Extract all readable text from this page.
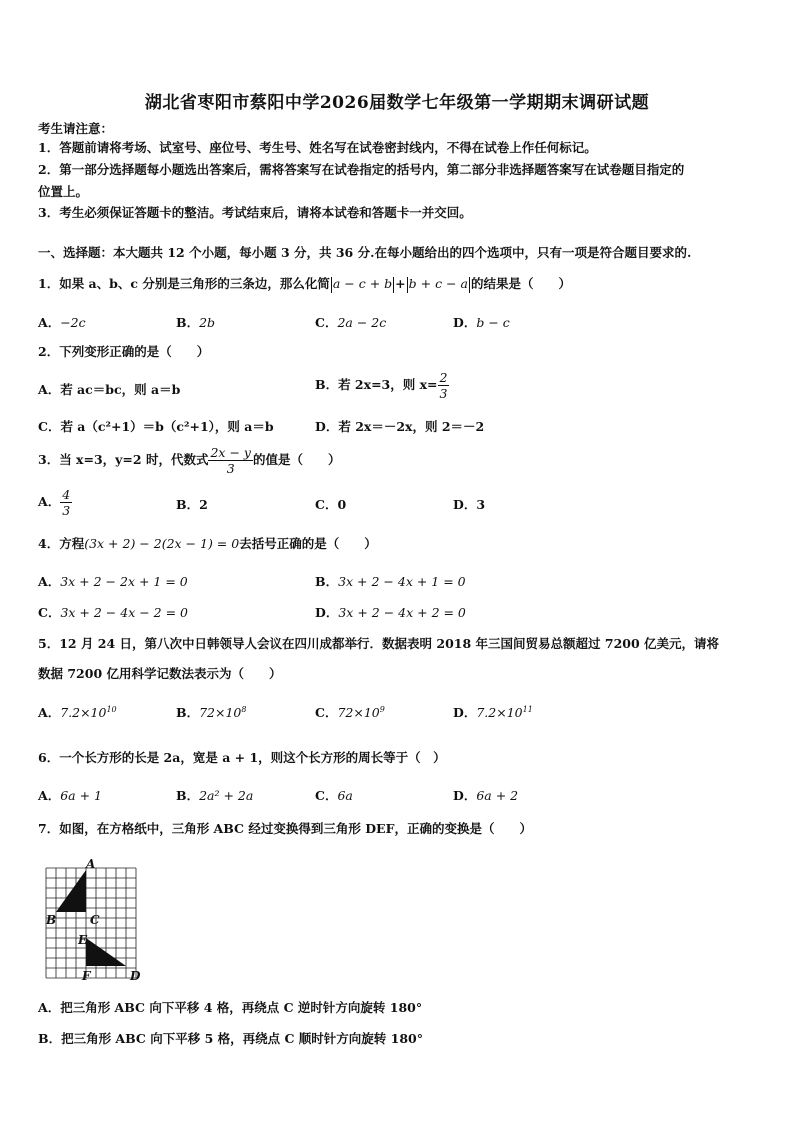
湖北省枣阳市蔡阳中学2026届数学七年级第一学期期末调研试题
考生请注意：
1．答题前请将考场、试室号、座位号、考生号、姓名写在试卷密封线内，不得在试卷上作任何标记。
2．第一部分选择题每小题选出答案后，需将答案写在试卷指定的括号内，第二部分非选择题答案写在试卷题目指定的
位置上。
3．考生必须保证答题卡的整洁。考试结束后，请将本试卷和答题卡一并交回。
一、选择题：本大题共 12 个小题，每小题 3 分，共 36 分.在每小题给出的四个选项中，只有一项是符合题目要求的.
1．如果 a、b、c 分别是三角形的三条边，那么化简 a − c + b + b + c − a 的结果是（　　）
A．−2c	B．2b	C．2a − 2c	D．b − c
2．下列变形正确的是（　　）
A．若 ac＝bc，则 a＝b	B．若 2x=3，则 $x= \frac{2}{3}$
C．若 a（c²+1）＝b（c²+1），则 a＝b	D．若 2x＝－2x，则 2＝－2
3．当 x=3，y=2 时，代数式 $\frac{2x - y}{3}$ 的值是（　　）
A． $\frac{4}{3}$	B．2	C．0	D．3
4．方程(3x + 2) − 2(2x − 1) = 0去括号正确的是（　　）
A．3x + 2 − 2x + 1 = 0	B．3x + 2 − 4x + 1 = 0
C．3x + 2 − 4x − 2 = 0	D．3x + 2 − 4x + 2 = 0
5．12 月 24 日，第八次中日韩领导人会议在四川成都举行．数据表明 2018 年三国间贸易总额超过 7200 亿美元，请将
数据 7200 亿用科学记数法表示为（　　）
A．$7.2\times 10^{10}$	B．$72\times 10^8$	C．$72\times 10^9$	D．$7.2\times 10^{11}$
6．一个长方形的长是 2a，宽是 a + 1，则这个长方形的周长等于（　）
A．6a + 1	B．2a² + 2a	C．6a	D．6a + 2
7．如图，在方格纸中，三角形 ABC 经过变换得到三角形 DEF，正确的变换是（　　）
A
B	C
E
F	D
A．把三角形 ABC 向下平移 4 格，再绕点 C 逆时针方向旋转 180°
B．把三角形 ABC 向下平移 5 格，再绕点 C 顺时针方向旋转 180°
